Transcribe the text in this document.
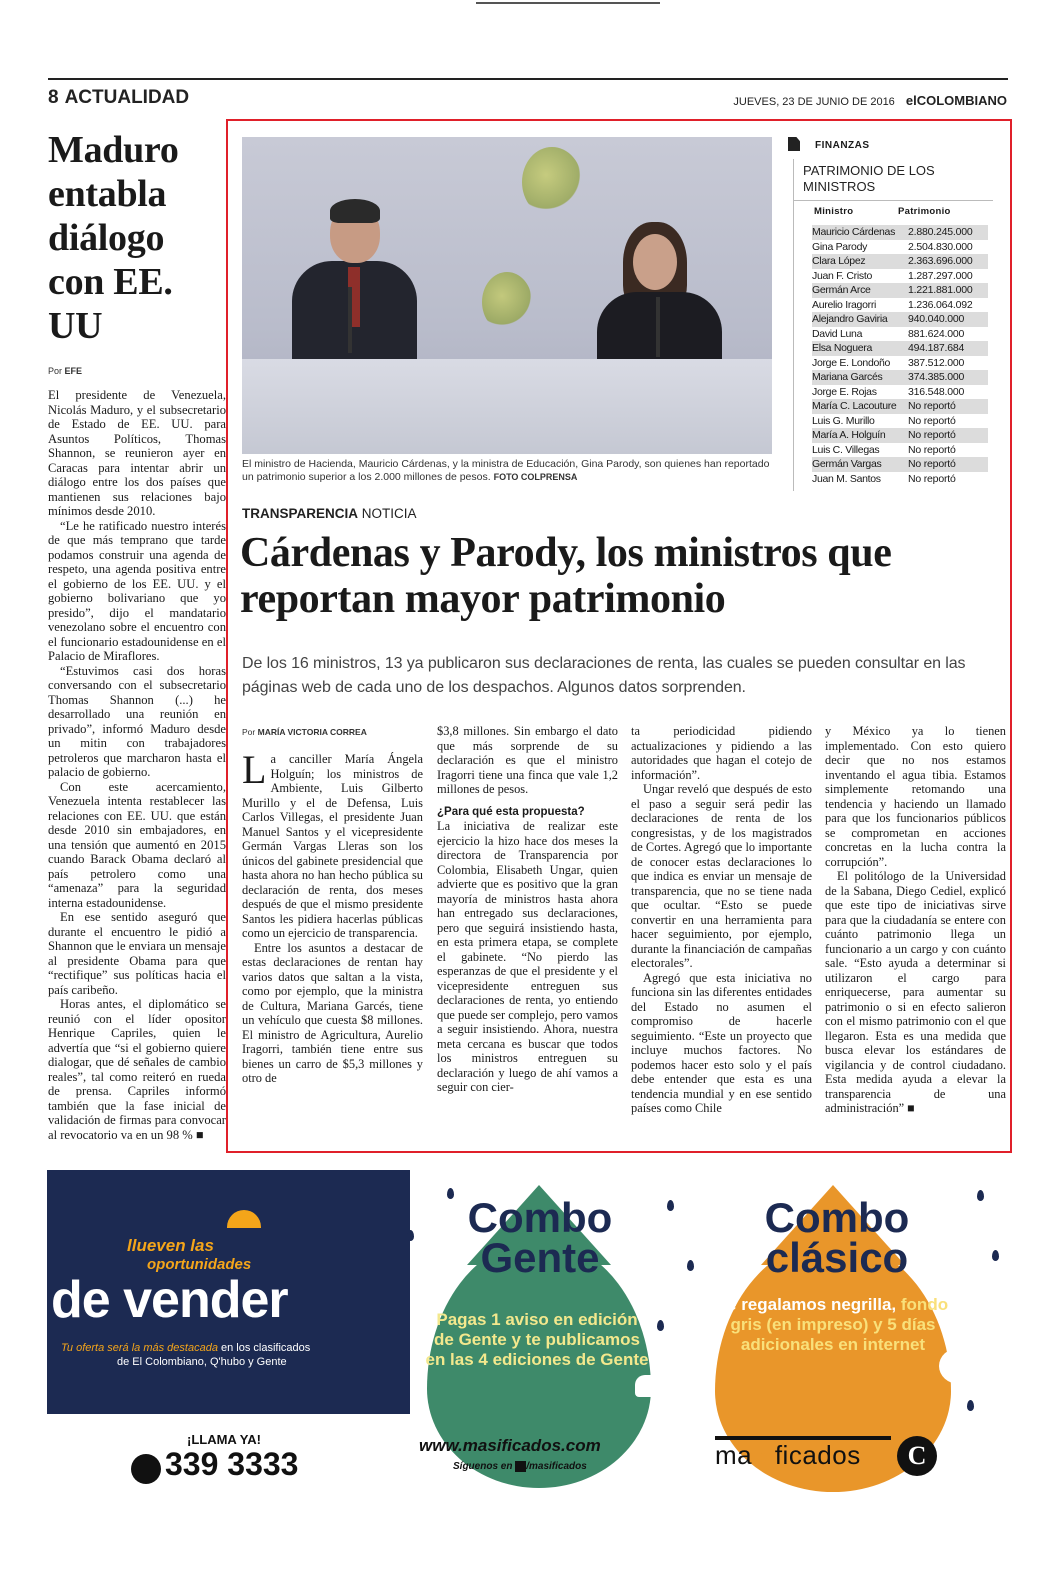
8 ACTUALIDAD	JUEVES, 23 DE JUNIO DE 2016 elCOLOMBIANO
Maduro entabla diálogo con EE. UU
Por EFE

El presidente de Venezuela, Nicolás Maduro, y el subsecretario de Estado de EE. UU. para Asuntos Políticos, Thomas Shannon, se reunieron ayer en Caracas para intentar abrir un diálogo entre los dos países que mantienen sus relaciones bajo mínimos desde 2010.

“Le he ratificado nuestro interés de que más temprano que tarde podamos construir una agenda de respeto, una agenda positiva entre el gobierno de los EE. UU. y el gobierno bolivariano que yo presido”, dijo el mandatario venezolano sobre el encuentro con el funcionario estadounidense en el Palacio de Miraflores.

“Estuvimos casi dos horas conversando con el subsecretario Thomas Shannon (...) he desarrollado una reunión en privado”, informó Maduro desde un mitin con trabajadores petroleros que marcharon hasta el palacio de gobierno.

Con este acercamiento, Venezuela intenta restablecer las relaciones con EE. UU. que están desde 2010 sin embajadores, en una tensión que aumentó en 2015 cuando Barack Obama declaró al país petrolero como una “amenaza” para la seguridad interna estadounidense.

En ese sentido aseguró que durante el encuentro le pidió a Shannon que le enviara un mensaje al presidente Obama para que “rectifique” sus políticas hacia el país caribeño.

Horas antes, el diplomático se reunió con el líder opositor Henrique Capriles, quien le advertía que “si el gobierno quiere dialogar, que dé señales de cambio reales”, tal como reiteró en rueda de prensa. Capriles informó también que la fase inicial de validación de firmas para convocar al revocatorio va en un 98 % ■

El ministro de Hacienda, Mauricio Cárdenas, y la ministra de Educación, Gina Parody, son quienes han reportado un patrimonio superior a los 2.000 millones de pesos. FOTO COLPRENSA
FINANZAS
PATRIMONIO DE LOS MINISTROS
Ministro	Patrimonio
Mauricio Cárdenas	2.880.245.000
Gina Parody	2.504.830.000
Clara López	2.363.696.000
Juan F. Cristo	1.287.297.000
Germán Arce	1.221.881.000
Aurelio Iragorri	1.236.064.092
Alejandro Gaviria	940.040.000
David Luna	881.624.000
Elsa Noguera	494.187.684
Jorge E. Londoño	387.512.000
Mariana Garcés	374.385.000
Jorge E. Rojas	316.548.000
María C. Lacouture	No reportó
Luis G. Murillo	No reportó
María A. Holguín	No reportó
Luis C. Villegas	No reportó
Germán Vargas	No reportó
Juan M. Santos	No reportó
TRANSPARENCIA NOTICIA
Cárdenas y Parody, los ministros que reportan mayor patrimonio

De los 16 ministros, 13 ya publicaron sus declaraciones de renta, las cuales se pueden consultar en las páginas web de cada uno de los despachos. Algunos datos sorprenden.

Por MARÍA VICTORIA CORREA

La canciller María Ángela Holguín; los ministros de Ambiente, Luis Gilberto Murillo y el de Defensa, Luis Carlos Villegas, el presidente Juan Manuel Santos y el vicepresidente Germán Vargas Lleras son los únicos del gabinete presidencial que hasta ahora no han hecho pública su declaración de renta, dos meses después de que el mismo presidente Santos les pidiera hacerlas públicas como un ejercicio de transparencia.

Entre los asuntos a destacar de estas declaraciones de rentan hay varios datos que saltan a la vista, como por ejemplo, que la ministra de Cultura, Mariana Garcés, tiene un vehículo que cuesta $8 millones. El ministro de Agricultura, Aurelio Iragorri, también tiene entre sus bienes un carro de $5,3 millones y otro de

$3,8 millones. Sin embargo el dato que más sorprende de su declaración es que el ministro Iragorri tiene una finca que vale 1,2 millones de pesos.

¿Para qué esta propuesta?

La iniciativa de realizar este ejercicio la hizo hace dos meses la directora de Transparencia por Colombia, Elisabeth Ungar, quien advierte que es positivo que la gran mayoría de ministros hasta ahora han entregado sus declaraciones, pero que seguirá insistiendo hasta, en esta primera etapa, se complete el gabinete. “No pierdo las esperanzas de que el presidente y el vicepresidente entreguen sus declaraciones de renta, yo entiendo que puede ser complejo, pero vamos a seguir insistiendo. Ahora, nuestra meta cercana es buscar que todos los ministros entreguen su declaración y luego de ahí vamos a seguir con cier-

ta periodicidad pidiendo actualizaciones y pidiendo a las autoridades que hagan el cotejo de información”.

Ungar reveló que después de esto el paso a seguir será pedir las declaraciones de renta de los congresistas, y de los magistrados de Cortes. Agregó que lo importante de conocer estas declaraciones lo que indica es enviar un mensaje de transparencia, que no se tiene nada que ocultar. “Esto se puede convertir en una herramienta para hacer seguimiento, por ejemplo, durante la financiación de campañas electorales”.

Agregó que esta iniciativa no funciona sin las diferentes entidades del Estado no asumen el compromiso de hacerle seguimiento. “Este un proyecto que incluye muchos factores. No podemos hacer esto solo y el país debe entender que esta es una tendencia mundial y en ese sentido países como Chile

y México ya lo tienen implementado. Con esto quiero decir que no nos estamos inventando el agua tibia. Estamos simplemente retomando una tendencia y haciendo un llamado para que los funcionarios públicos se comprometan en acciones concretas en la lucha contra la corrupción”.

El politólogo de la Universidad de la Sabana, Diego Cediel, explicó que este tipo de iniciativas sirve para que la ciudadanía se entere con cuánto patrimonio llega un funcionario a un cargo y con cuánto sale. “Esto ayuda a determinar si utilizaron el cargo para enriquecerse, para aumentar su patrimonio o si en efecto salieron con el mismo patrimonio con el que llegaron. Esta es una medida que busca elevar los estándares de vigilancia y de control ciudadano. Esta medida ayuda a elevar la transparencia de una administración” ■

llueven las
oportunidades
de vender
Tu oferta será la más destacada en los clasificados
de El Colombiano, Q'hubo y Gente
Combo
Gente
Pagas 1 aviso en edición de Gente y te publicamos en las 4 ediciones de Gente
Combo
clásico
Te regalamos negrilla, fondo gris (en impreso) y 5 días adicionales en internet
¡LLAMA YA!
339 3333
www.masificados.com
Síguenos en /masificados	masificados	C
